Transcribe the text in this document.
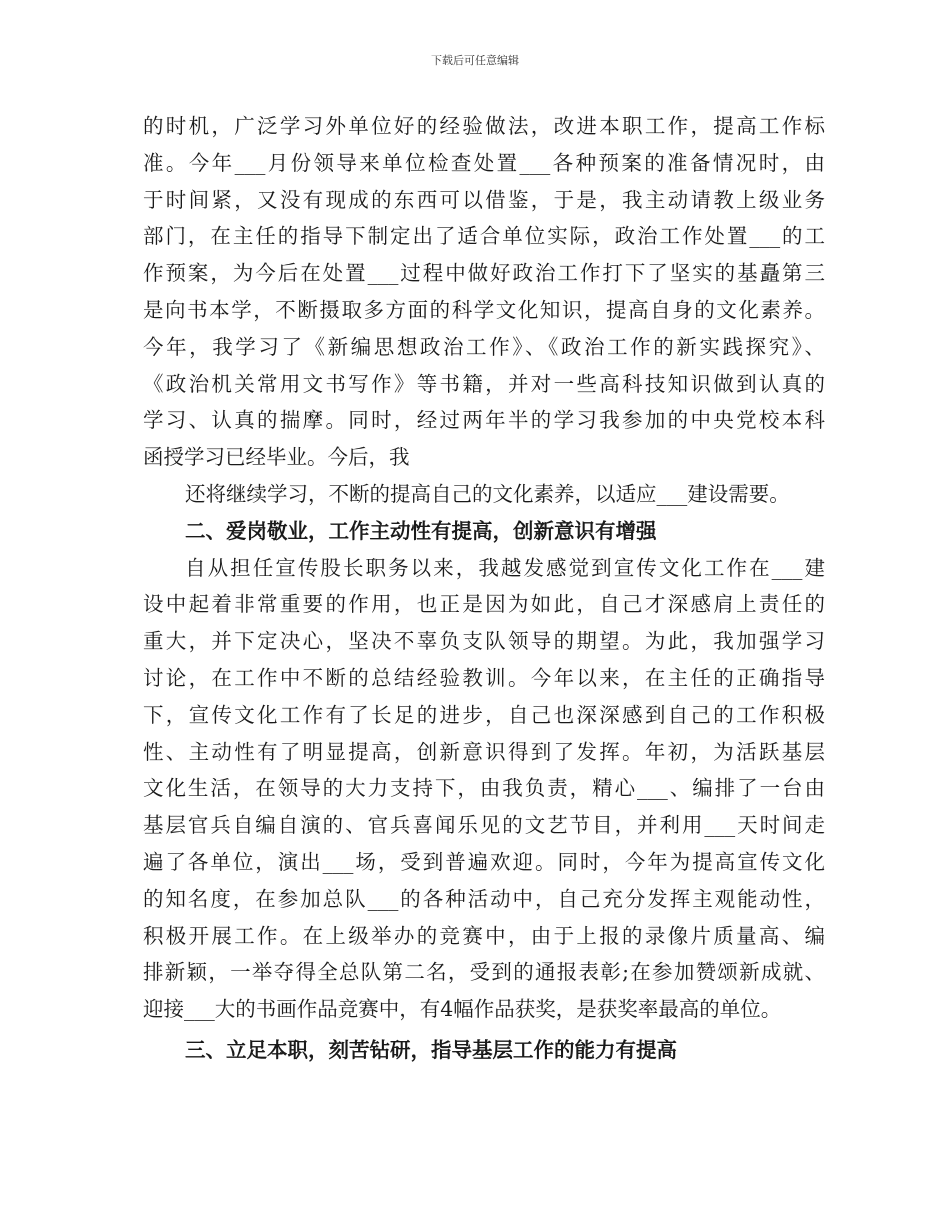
下载后可任意编辑
的时机，广泛学习外单位好的经验做法，改进本职工作，提高工作标
准。今年___月份领导来单位检查处置___各种预案的准备情况时，由
于时间紧，又没有现成的东西可以借鉴，于是，我主动请教上级业务
部门，在主任的指导下制定出了适合单位实际，政治工作处置___的工
作预案，为今后在处置___过程中做好政治工作打下了坚实的基矗第三
是向书本学，不断摄取多方面的科学文化知识，提高自身的文化素养。
今年，我学习了《新编思想政治工作》、《政治工作的新实践探究》、
《政治机关常用文书写作》等书籍，并对一些高科技知识做到认真的
学习、认真的揣摩。同时，经过两年半的学习我参加的中央党校本科
函授学习已经毕业。今后，我
还将继续学习，不断的提高自己的文化素养，以适应___建设需要。
二、爱岗敬业，工作主动性有提高，创新意识有增强
自从担任宣传股长职务以来，我越发感觉到宣传文化工作在___建
设中起着非常重要的作用，也正是因为如此，自己才深感肩上责任的
重大，并下定决心，坚决不辜负支队领导的期望。为此，我加强学习
讨论，在工作中不断的总结经验教训。今年以来，在主任的正确指导
下，宣传文化工作有了长足的进步，自己也深深感到自己的工作积极
性、主动性有了明显提高，创新意识得到了发挥。年初，为活跃基层
文化生活，在领导的大力支持下，由我负责，精心___、编排了一台由
基层官兵自编自演的、官兵喜闻乐见的文艺节目，并利用___天时间走
遍了各单位，演出___场，受到普遍欢迎。同时，今年为提高宣传文化
的知名度，在参加总队___的各种活动中，自己充分发挥主观能动性，
积极开展工作。在上级举办的竞赛中，由于上报的录像片质量高、编
排新颖，一举夺得全总队第二名，受到的通报表彰;在参加赞颂新成就、
迎接___大的书画作品竞赛中，有4幅作品获奖，是获奖率最高的单位。
三、立足本职，刻苦钻研，指导基层工作的能力有提高
